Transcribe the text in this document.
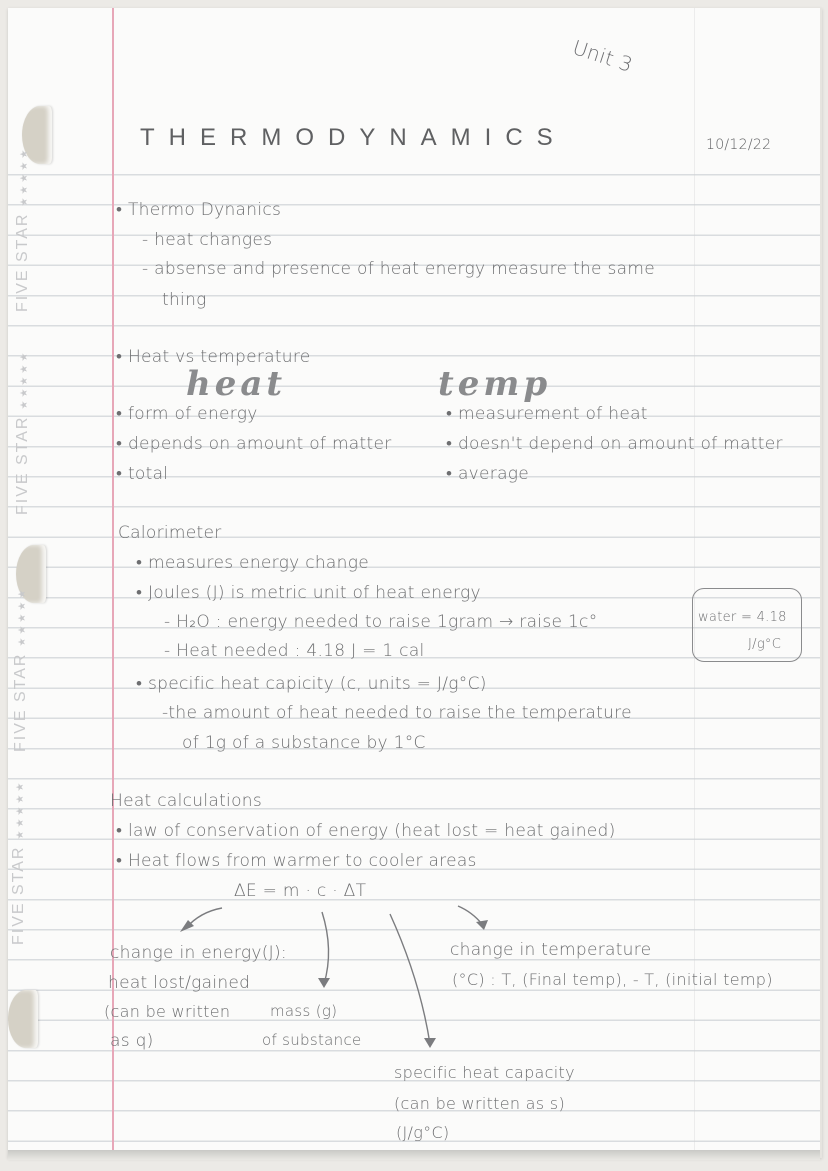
FIVE STAR★★★★★
FIVE STAR★★★★★
FIVE STAR★★★★★
FIVE STAR★★★★★
Unit 3
THERMODYNAMICS	10/12/22
• Thermo Dynanics
- heat changes
- absense and presence of heat energy measure the same
thing
• Heat vs temperature
heat	temp
• form of energy
• depends on amount of matter
• total
• measurement of heat
• doesn't depend on amount of matter
• average
Calorimeter
• measures energy change
• Joules (J) is metric unit of heat energy
- H₂O : energy needed to raise 1gram → raise 1c°
- Heat needed : 4.18 J = 1 cal
• specific heat capicity (c, units = J/g°C)
-the amount of heat needed to raise the temperature
of 1g of a substance by 1°C
water = 4.18
J/g°C
Heat calculations
• law of conservation of energy (heat lost = heat gained)
• Heat flows from warmer to cooler areas
ΔE = m · c · ΔT
change in energy(J):
heat lost/gained
(can be written
as q)
mass (g)
of substance
change in temperature
(°C) : T, (Final temp), - T, (initial temp)
specific heat capacity
(can be written as s)
(J/g°C)
